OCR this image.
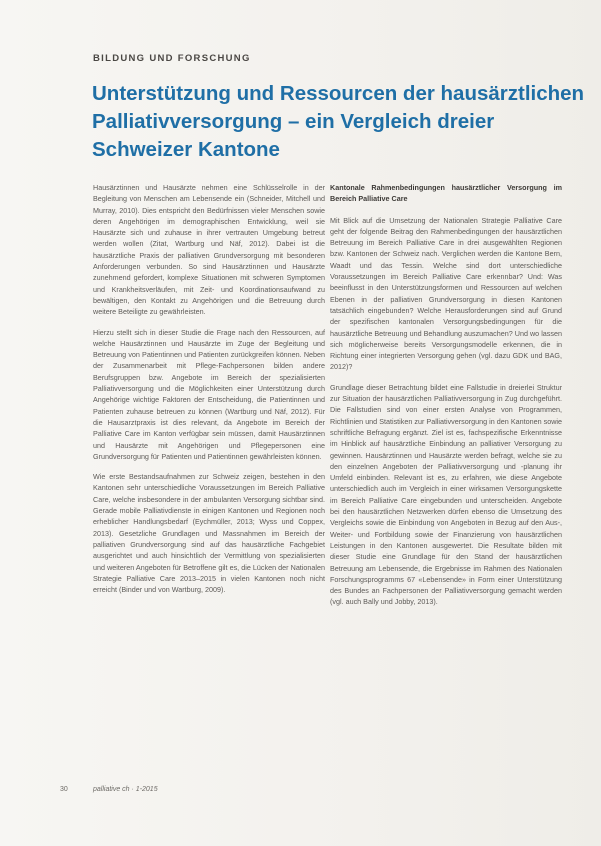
BILDUNG UND FORSCHUNG
Unterstützung und Ressourcen der hausärztlichen
Palliativversorgung – ein Vergleich dreier
Schweizer Kantone

Hausärztinnen und Hausärzte nehmen eine Schlüsselrolle in der Begleitung von Menschen am Lebensende ein (Schneider, Mitchell und Murray, 2010). Dies entspricht den Bedürfnissen vieler Menschen sowie deren Angehörigen im demographischen Entwicklung, weil sie Hausärzte sich und zuhause in ihrer vertrauten Umgebung betreut werden wollen (Zitat, Wartburg und Näf, 2012). Dabei ist die hausärztliche Praxis der palliativen Grundversorgung mit besonderen Anforderungen verbunden. So sind Hausärztinnen und Hausärzte zunehmend gefordert, komplexe Situationen mit schweren Symptomen und Krankheitsverläufen, mit Zeit- und Koordinationsaufwand zu bewältigen, den Kontakt zu Angehörigen und die Betreuung durch weitere Beteiligte zu gewährleisten.

Hierzu stellt sich in dieser Studie die Frage nach den Ressourcen, auf welche Hausärztinnen und Hausärzte im Zuge der Begleitung und Betreuung von Patientinnen und Patienten zurückgreifen können. Neben der Zusammenarbeit mit Pflege-Fachpersonen bilden andere Berufsgruppen bzw. Angebote im Bereich der spezialisierten Palliativversorgung und die Möglichkeiten einer Unterstützung durch Angehörige wichtige Faktoren der Entscheidung, die Patientinnen und Patienten zuhause betreuen zu können (Wartburg und Näf, 2012). Für die Hausarztpraxis ist dies relevant, da Angebote im Bereich der Palliative Care im Kanton verfügbar sein müssen, damit Hausärztinnen und Hausärzte mit Angehörigen und Pflegepersonen eine Grundversorgung für Patienten und Patientinnen gewährleisten können.

Wie erste Bestandsaufnahmen zur Schweiz zeigen, bestehen in den Kantonen sehr unterschiedliche Voraussetzungen im Bereich Palliative Care, welche insbesondere in der ambulanten Versorgung sichtbar sind. Gerade mobile Palliativdienste in einigen Kantonen und Regionen noch erheblicher Handlungsbedarf (Eychmüller, 2013; Wyss und Coppex, 2013). Gesetzliche Grundlagen und Massnahmen im Bereich der palliativen Grundversorgung sind auf das hausärztliche Fachgebiet ausgerichtet und auch hinsichtlich der Vermittlung von spezialisierten und weiteren Angeboten für Betroffene gilt es, die Lücken der Nationalen Strategie Palliative Care 2013–2015 in vielen Kantonen noch nicht erreicht (Binder und von Wartburg, 2009).

Kantonale Rahmenbedingungen hausärztlicher Versorgung im Bereich Palliative Care

Mit Blick auf die Umsetzung der Nationalen Strategie Palliative Care geht der folgende Beitrag den Rahmenbedingungen der hausärztlichen Betreuung im Bereich Palliative Care in drei ausgewählten Regionen bzw. Kantonen der Schweiz nach. Verglichen werden die Kantone Bern, Waadt und das Tessin. Welche sind dort unterschiedliche Voraussetzungen im Bereich Palliative Care erkennbar? Und: Was beeinflusst in den Unterstützungsformen und Ressourcen auf welchen Ebenen in der palliativen Grundversorgung in diesen Kantonen tatsächlich eingebunden? Welche Herausforderungen sind auf Grund der spezifischen kantonalen Versorgungsbedingungen für die hausärztliche Betreuung und Behandlung auszumachen? Und wo lassen sich möglicherweise bereits Versorgungsmodelle erkennen, die in Richtung einer integrierten Versorgung gehen (vgl. dazu GDK und BAG, 2012)?

Grundlage dieser Betrachtung bildet eine Fallstudie in dreierlei Struktur zur Situation der hausärztlichen Palliativversorgung in Zug durchgeführt. Die Fallstudien sind von einer ersten Analyse von Programmen, Richtlinien und Statistiken zur Palliativversorgung in den Kantonen sowie schriftliche Befragung ergänzt. Ziel ist es, fachspezifische Erkenntnisse im Hinblick auf hausärztliche Einbindung an palliativer Versorgung zu gewinnen. Hausärztinnen und Hausärzte werden befragt, welche sie zu den einzelnen Angeboten der Palliativversorgung und -planung ihr Umfeld einbinden. Relevant ist es, zu erfahren, wie diese Angebote unterschiedlich auch im Vergleich in einer wirksamen Versorgungskette im Bereich Palliative Care eingebunden und unterscheiden. Angebote bei den hausärztlichen Netzwerken dürfen ebenso die Umsetzung des Vergleichs sowie die Einbindung von Angeboten in Bezug auf den Aus-, Weiter- und Fortbildung sowie der Finanzierung von hausärztlichen Leistungen in den Kantonen ausgewertet. Die Resultate bilden mit dieser Studie eine Grundlage für den Stand der hausärztlichen Betreuung am Lebensende, die Ergebnisse im Rahmen des Nationalen Forschungsprogramms 67 «Lebensende» in Form einer Unterstützung des Bundes an Fachpersonen der Palliativversorgung gemacht werden (vgl. auch Bally und Jobby, 2013).

30	palliative ch · 1-2015
